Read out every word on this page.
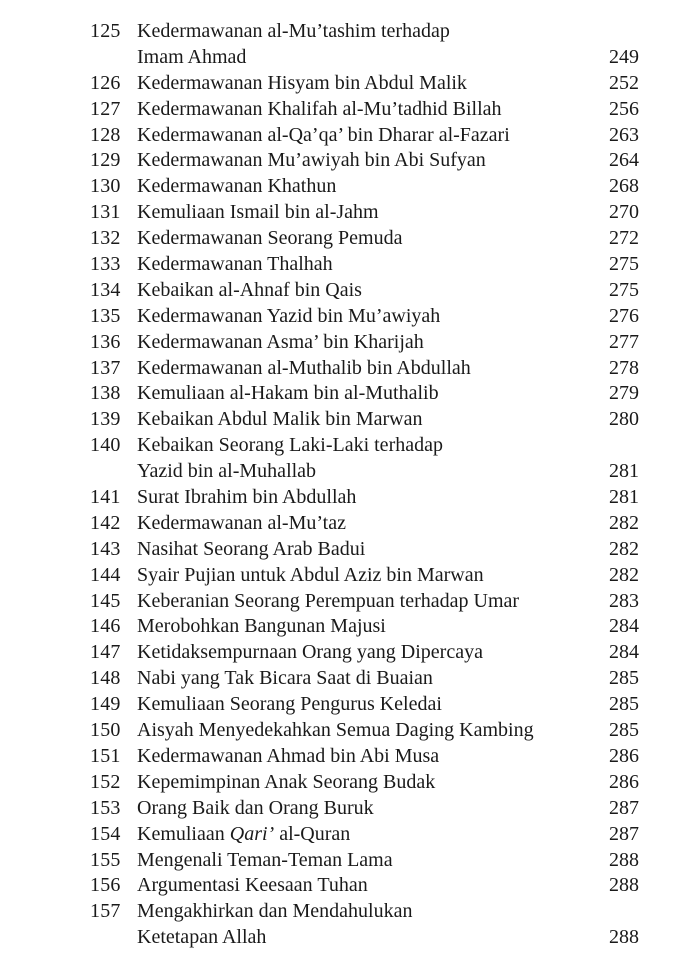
125 Kedermawanan al-Mu’tashim terhadap
Imam Ahmad	249
126 Kedermawanan Hisyam bin Abdul Malik	252
127 Kedermawanan Khalifah al-Mu’tadhid Billah	256
128 Kedermawanan al-Qa’qa’ bin Dharar al-Fazari	263
129 Kedermawanan Mu’awiyah bin Abi Sufyan	264
130 Kedermawanan Khathun	268
131 Kemuliaan Ismail bin al-Jahm	270
132 Kedermawanan Seorang Pemuda	272
133 Kedermawanan Thalhah	275
134 Kebaikan al-Ahnaf bin Qais	275
135 Kedermawanan Yazid bin Mu’awiyah	276
136 Kedermawanan Asma’ bin Kharijah	277
137 Kedermawanan al-Muthalib bin Abdullah	278
138 Kemuliaan al-Hakam bin al-Muthalib	279
139 Kebaikan Abdul Malik bin Marwan	280
140 Kebaikan Seorang Laki-Laki terhadap
Yazid bin al-Muhallab	281
141 Surat Ibrahim bin Abdullah	281
142 Kedermawanan al-Mu’taz	282
143 Nasihat Seorang Arab Badui	282
144 Syair Pujian untuk Abdul Aziz bin Marwan	282
145 Keberanian Seorang Perempuan terhadap Umar	283
146 Merobohkan Bangunan Majusi	284
147 Ketidaksempurnaan Orang yang Dipercaya	284
148 Nabi yang Tak Bicara Saat di Buaian	285
149 Kemuliaan Seorang Pengurus Keledai	285
150 Aisyah Menyedekahkan Semua Daging Kambing	285
151 Kedermawanan Ahmad bin Abi Musa	286
152 Kepemimpinan Anak Seorang Budak	286
153 Orang Baik dan Orang Buruk	287
154 Kemuliaan Qari’ al-Quran	287
155 Mengenali Teman-Teman Lama	288
156 Argumentasi Keesaan Tuhan	288
157 Mengakhirkan dan Mendahulukan
Ketetapan Allah	288
